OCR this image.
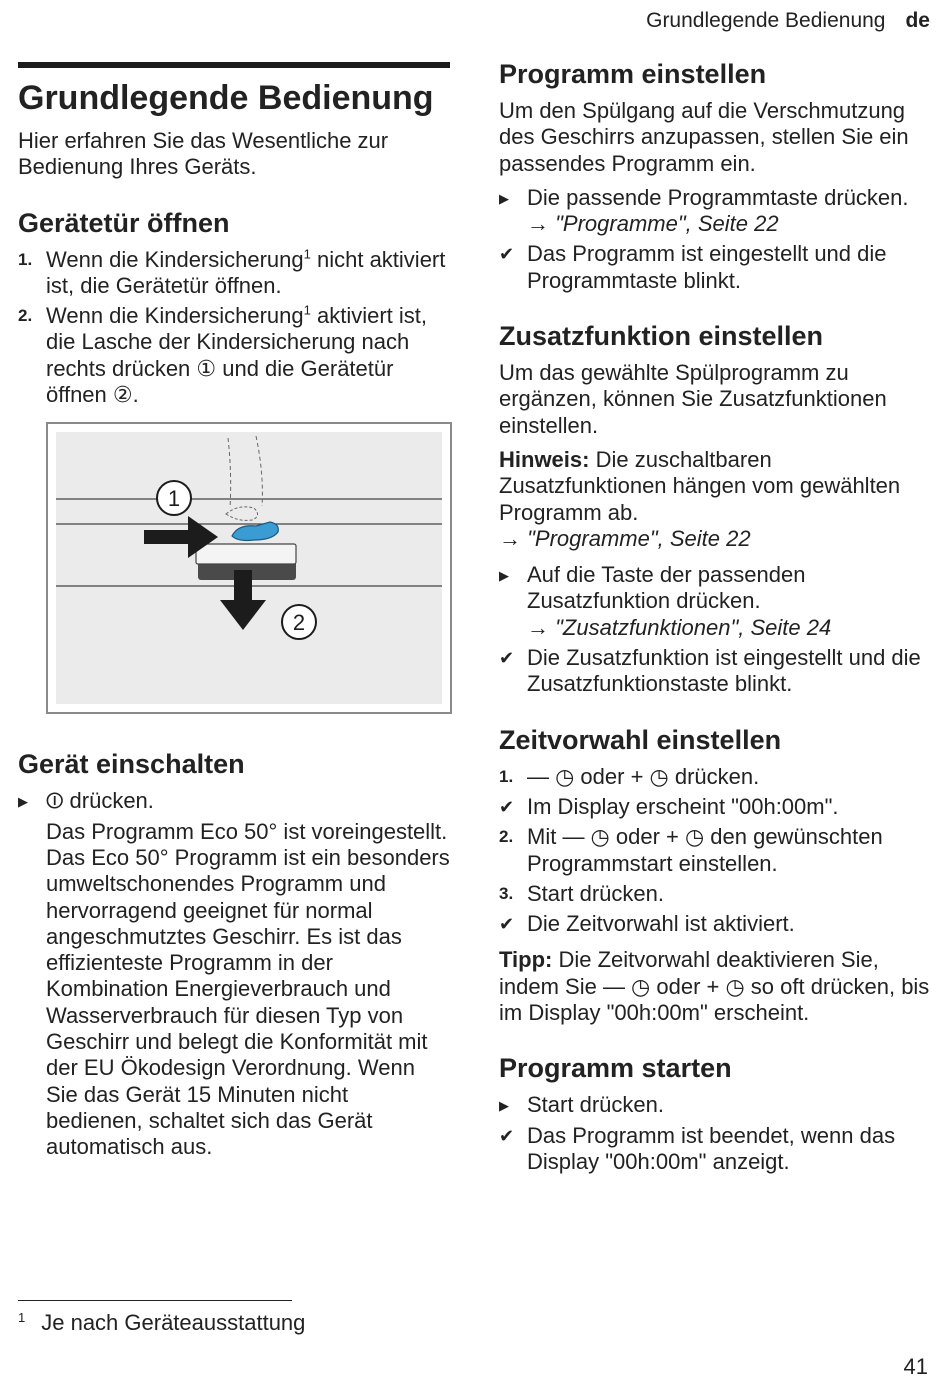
Grundlegende Bedienung de
Grundlegende Bedienung

Hier erfahren Sie das Wesentliche zur Bedienung Ihres Geräts.

Gerätetür öffnen
1. Wenn die Kindersicherung$^1$ nicht aktiviert ist, die Gerätetür öffnen.
2. Wenn die Kindersicherung$^1$ aktiviert ist, die Lasche der Kindersicherung nach rechts drücken ① und die Gerätetür öffnen ②.
1
2
Gerät einschalten
▶ ⏼ drücken.
Das Programm Eco 50° ist voreingestellt. Das Eco 50° Programm ist ein besonders umweltschonendes Programm und hervorragend geeignet für normal angeschmutztes Geschirr. Es ist das effizienteste Programm in der Kombination Energieverbrauch und Wasserverbrauch für diesen Typ von Geschirr und belegt die Konformität mit der EU Ökodesign Verordnung. Wenn Sie das Gerät 15 Minuten nicht bedienen, schaltet sich das Gerät automatisch aus.
Programm einstellen

Um den Spülgang auf die Verschmutzung des Geschirrs anzupassen, stellen Sie ein passendes Programm ein.

▶ Die passende Programmtaste drücken.
→ "Programme", Seite 22
✔ Das Programm ist eingestellt und die Programmtaste blinkt.
Zusatzfunktion einstellen

Um das gewählte Spülprogramm zu ergänzen, können Sie Zusatzfunktionen einstellen.

Hinweis: Die zuschaltbaren Zusatzfunktionen hängen vom gewählten Programm ab.
→ "Programme", Seite 22

▶ Auf die Taste der passenden Zusatzfunktion drücken.
→ "Zusatzfunktionen", Seite 24
✔ Die Zusatzfunktion ist eingestellt und die Zusatzfunktionstaste blinkt.
Zeitvorwahl einstellen
1. — ◷ oder + ◷ drücken.
✔ Im Display erscheint "00h:00m".
2. Mit — ◷ oder + ◷ den gewünschten Programmstart einstellen.
3. Start drücken.
✔ Die Zeitvorwahl ist aktiviert.

Tipp: Die Zeitvorwahl deaktivieren Sie, indem Sie — ◷ oder + ◷ so oft drücken, bis im Display "00h:00m" erscheint.

Programm starten
▶ Start drücken.
✔ Das Programm ist beendet, wenn das Display "00h:00m" anzeigt.
$^1$ Je nach Geräteausstattung
41
